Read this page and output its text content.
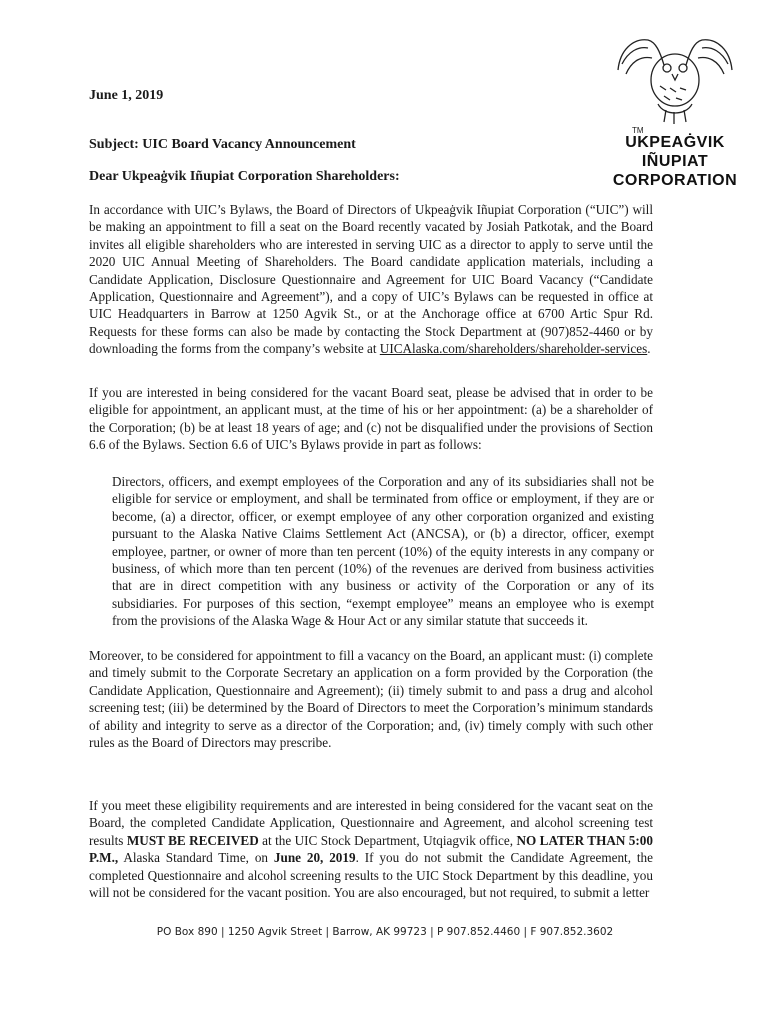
June 1, 2019
Subject: UIC Board Vacancy Announcement
Dear Ukpeaġvik Iñupiat Corporation Shareholders:
TM
UKPEAĠVIK
IÑUPIAT
CORPORATION

In accordance with UIC’s Bylaws, the Board of Directors of Ukpeaġvik Iñupiat Corporation (“UIC”) will be making an appointment to fill a seat on the Board recently vacated by Josiah Patkotak, and the Board invites all eligible shareholders who are interested in serving UIC as a director to apply to serve until the 2020 UIC Annual Meeting of Shareholders. The Board candidate application materials, including a Candidate Application, Disclosure Questionnaire and Agreement for UIC Board Vacancy (“Candidate Application, Questionnaire and Agreement”), and a copy of UIC’s Bylaws can be requested in office at UIC Headquarters in Barrow at 1250 Agvik St., or at the Anchorage office at 6700 Artic Spur Rd. Requests for these forms can also be made by contacting the Stock Department at (907)852-4460 or by downloading the forms from the company’s website at UICAlaska.com/shareholders/shareholder-services.

If you are interested in being considered for the vacant Board seat, please be advised that in order to be eligible for appointment, an applicant must, at the time of his or her appointment: (a) be a shareholder of the Corporation; (b) be at least 18 years of age; and (c) not be disqualified under the provisions of Section 6.6 of the Bylaws. Section 6.6 of UIC’s Bylaws provide in part as follows:

Directors, officers, and exempt employees of the Corporation and any of its subsidiaries shall not be eligible for service or employment, and shall be terminated from office or employment, if they are or become, (a) a director, officer, or exempt employee of any other corporation organized and existing pursuant to the Alaska Native Claims Settlement Act (ANCSA), or (b) a director, officer, exempt employee, partner, or owner of more than ten percent (10%) of the equity interests in any company or business, of which more than ten percent (10%) of the revenues are derived from business activities that are in direct competition with any business or activity of the Corporation or any of its subsidiaries. For purposes of this section, “exempt employee” means an employee who is exempt from the provisions of the Alaska Wage & Hour Act or any similar statute that succeeds it.

Moreover, to be considered for appointment to fill a vacancy on the Board, an applicant must: (i) complete and timely submit to the Corporate Secretary an application on a form provided by the Corporation (the Candidate Application, Questionnaire and Agreement); (ii) timely submit to and pass a drug and alcohol screening test; (iii) be determined by the Board of Directors to meet the Corporation’s minimum standards of ability and integrity to serve as a director of the Corporation; and, (iv) timely comply with such other rules as the Board of Directors may prescribe.

If you meet these eligibility requirements and are interested in being considered for the vacant seat on the Board, the completed Candidate Application, Questionnaire and Agreement, and alcohol screening test results MUST BE RECEIVED at the UIC Stock Department, Utqiagvik office, NO LATER THAN 5:00 P.M., Alaska Standard Time, on June 20, 2019. If you do not submit the Candidate Agreement, the completed Questionnaire and alcohol screening results to the UIC Stock Department by this deadline, you will not be considered for the vacant position. You are also encouraged, but not required, to submit a letter

PO Box 890 | 1250 Agvik Street | Barrow, AK 99723 | P 907.852.4460 | F 907.852.3602
